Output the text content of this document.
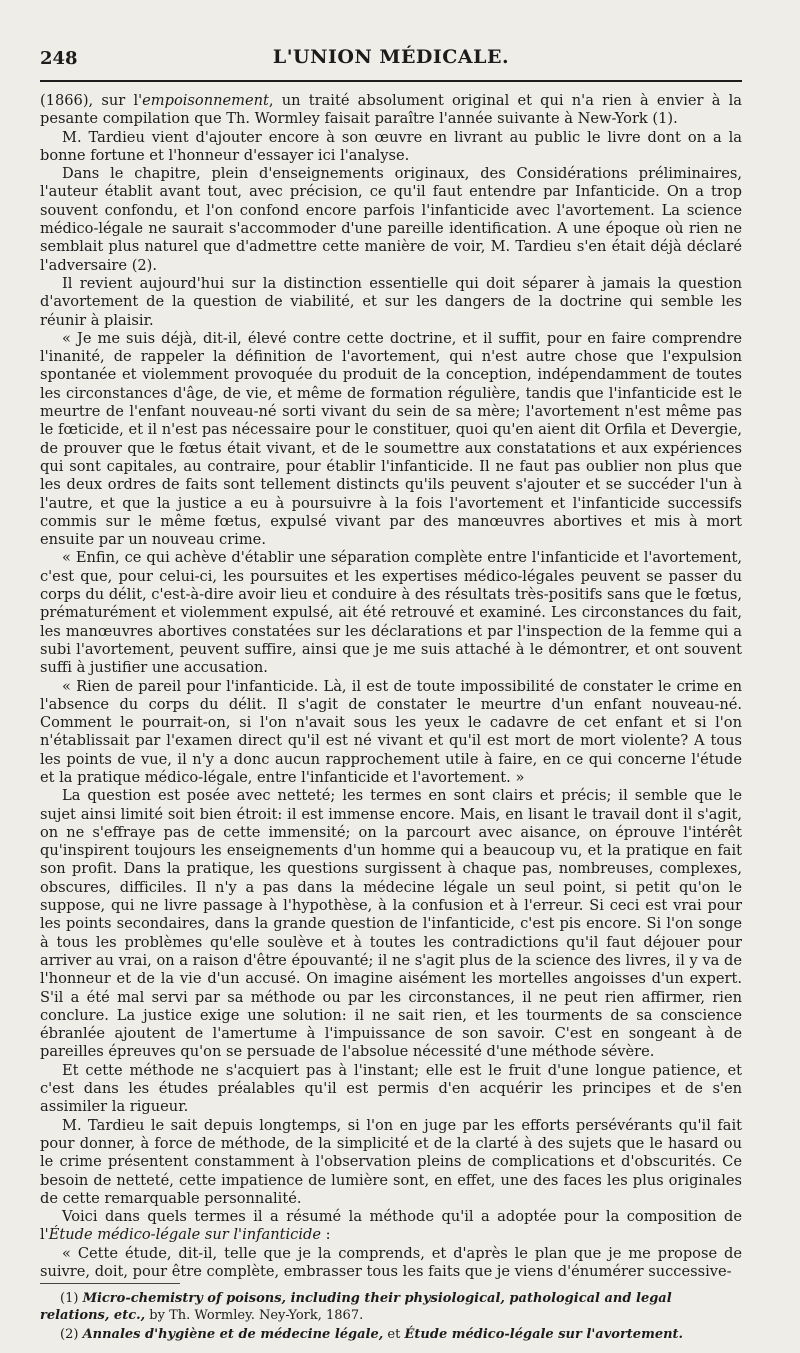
248	L'UNION MÉDICALE.

(1866), sur l'empoisonnement, un traité absolument original et qui n'a rien à envier à la pesante compilation que Th. Wormley faisait paraître l'année suivante à New-York (1).

M. Tardieu vient d'ajouter encore à son œuvre en livrant au public le livre dont on a la bonne fortune et l'honneur d'essayer ici l'analyse.

Dans le chapitre, plein d'enseignements originaux, des Considérations préliminaires, l'auteur établit avant tout, avec précision, ce qu'il faut entendre par Infanticide. On a trop souvent confondu, et l'on confond encore parfois l'infanticide avec l'avortement. La science médico-légale ne saurait s'accommoder d'une pareille identification. A une époque où rien ne semblait plus naturel que d'admettre cette manière de voir, M. Tardieu s'en était déjà déclaré l'adversaire (2).

Il revient aujourd'hui sur la distinction essentielle qui doit séparer à jamais la question d'avortement de la question de viabilité, et sur les dangers de la doctrine qui semble les réunir à plaisir.

« Je me suis déjà, dit-il, élevé contre cette doctrine, et il suffit, pour en faire comprendre l'inanité, de rappeler la définition de l'avortement, qui n'est autre chose que l'expulsion spontanée et violemment provoquée du produit de la conception, indépendamment de toutes les circonstances d'âge, de vie, et même de formation régulière, tandis que l'infanticide est le meurtre de l'enfant nouveau-né sorti vivant du sein de sa mère; l'avortement n'est même pas le fœticide, et il n'est pas nécessaire pour le constituer, quoi qu'en aient dit Orfila et Devergie, de prouver que le fœtus était vivant, et de le soumettre aux constatations et aux expériences qui sont capitales, au contraire, pour établir l'infanticide. Il ne faut pas oublier non plus que les deux ordres de faits sont tellement distincts qu'ils peuvent s'ajouter et se succéder l'un à l'autre, et que la justice a eu à poursuivre à la fois l'avortement et l'infanticide successifs commis sur le même fœtus, expulsé vivant par des manœuvres abortives et mis à mort ensuite par un nouveau crime.

« Enfin, ce qui achève d'établir une séparation complète entre l'infanticide et l'avortement, c'est que, pour celui-ci, les poursuites et les expertises médico-légales peuvent se passer du corps du délit, c'est-à-dire avoir lieu et conduire à des résultats très-positifs sans que le fœtus, prématurément et violemment expulsé, ait été retrouvé et examiné. Les circonstances du fait, les manœuvres abortives constatées sur les déclarations et par l'inspection de la femme qui a subi l'avortement, peuvent suffire, ainsi que je me suis attaché à le démontrer, et ont souvent suffi à justifier une accusation.

« Rien de pareil pour l'infanticide. Là, il est de toute impossibilité de constater le crime en l'absence du corps du délit. Il s'agit de constater le meurtre d'un enfant nouveau-né. Comment le pourrait-on, si l'on n'avait sous les yeux le cadavre de cet enfant et si l'on n'établissait par l'examen direct qu'il est né vivant et qu'il est mort de mort violente? A tous les points de vue, il n'y a donc aucun rapprochement utile à faire, en ce qui concerne l'étude et la pratique médico-légale, entre l'infanticide et l'avortement. »

La question est posée avec netteté; les termes en sont clairs et précis; il semble que le sujet ainsi limité soit bien étroit: il est immense encore. Mais, en lisant le travail dont il s'agit, on ne s'effraye pas de cette immensité; on la parcourt avec aisance, on éprouve l'intérêt qu'inspirent toujours les enseignements d'un homme qui a beaucoup vu, et la pratique en fait son profit. Dans la pratique, les questions surgissent à chaque pas, nombreuses, complexes, obscures, difficiles. Il n'y a pas dans la médecine légale un seul point, si petit qu'on le suppose, qui ne livre passage à l'hypothèse, à la confusion et à l'erreur. Si ceci est vrai pour les points secondaires, dans la grande question de l'infanticide, c'est pis encore. Si l'on songe à tous les problèmes qu'elle soulève et à toutes les contradictions qu'il faut déjouer pour arriver au vrai, on a raison d'être épouvanté; il ne s'agit plus de la science des livres, il y va de l'honneur et de la vie d'un accusé. On imagine aisément les mortelles angoisses d'un expert. S'il a été mal servi par sa méthode ou par les circonstances, il ne peut rien affirmer, rien conclure. La justice exige une solution: il ne sait rien, et les tourments de sa conscience ébranlée ajoutent de l'amertume à l'impuissance de son savoir. C'est en songeant à de pareilles épreuves qu'on se persuade de l'absolue nécessité d'une méthode sévère.

Et cette méthode ne s'acquiert pas à l'instant; elle est le fruit d'une longue patience, et c'est dans les études préalables qu'il est permis d'en acquérir les principes et de s'en assimiler la rigueur.

M. Tardieu le sait depuis longtemps, si l'on en juge par les efforts persévérants qu'il fait pour donner, à force de méthode, de la simplicité et de la clarté à des sujets que le hasard ou le crime présentent constamment à l'observation pleins de complications et d'obscurités. Ce besoin de netteté, cette impatience de lumière sont, en effet, une des faces les plus originales de cette remarquable personnalité.

Voici dans quels termes il a résumé la méthode qu'il a adoptée pour la composition de l'Étude médico-légale sur l'infanticide :

« Cette étude, dit-il, telle que je la comprends, et d'après le plan que je me propose de suivre, doit, pour être complète, embrasser tous les faits que je viens d'énumérer successive-

(1) Micro-chemistry of poisons, including their physiological, pathological and legal relations, etc., by Th. Wormley. Ney-York, 1867.

(2) Annales d'hygiène et de médecine légale, et Étude médico-légale sur l'avortement.
